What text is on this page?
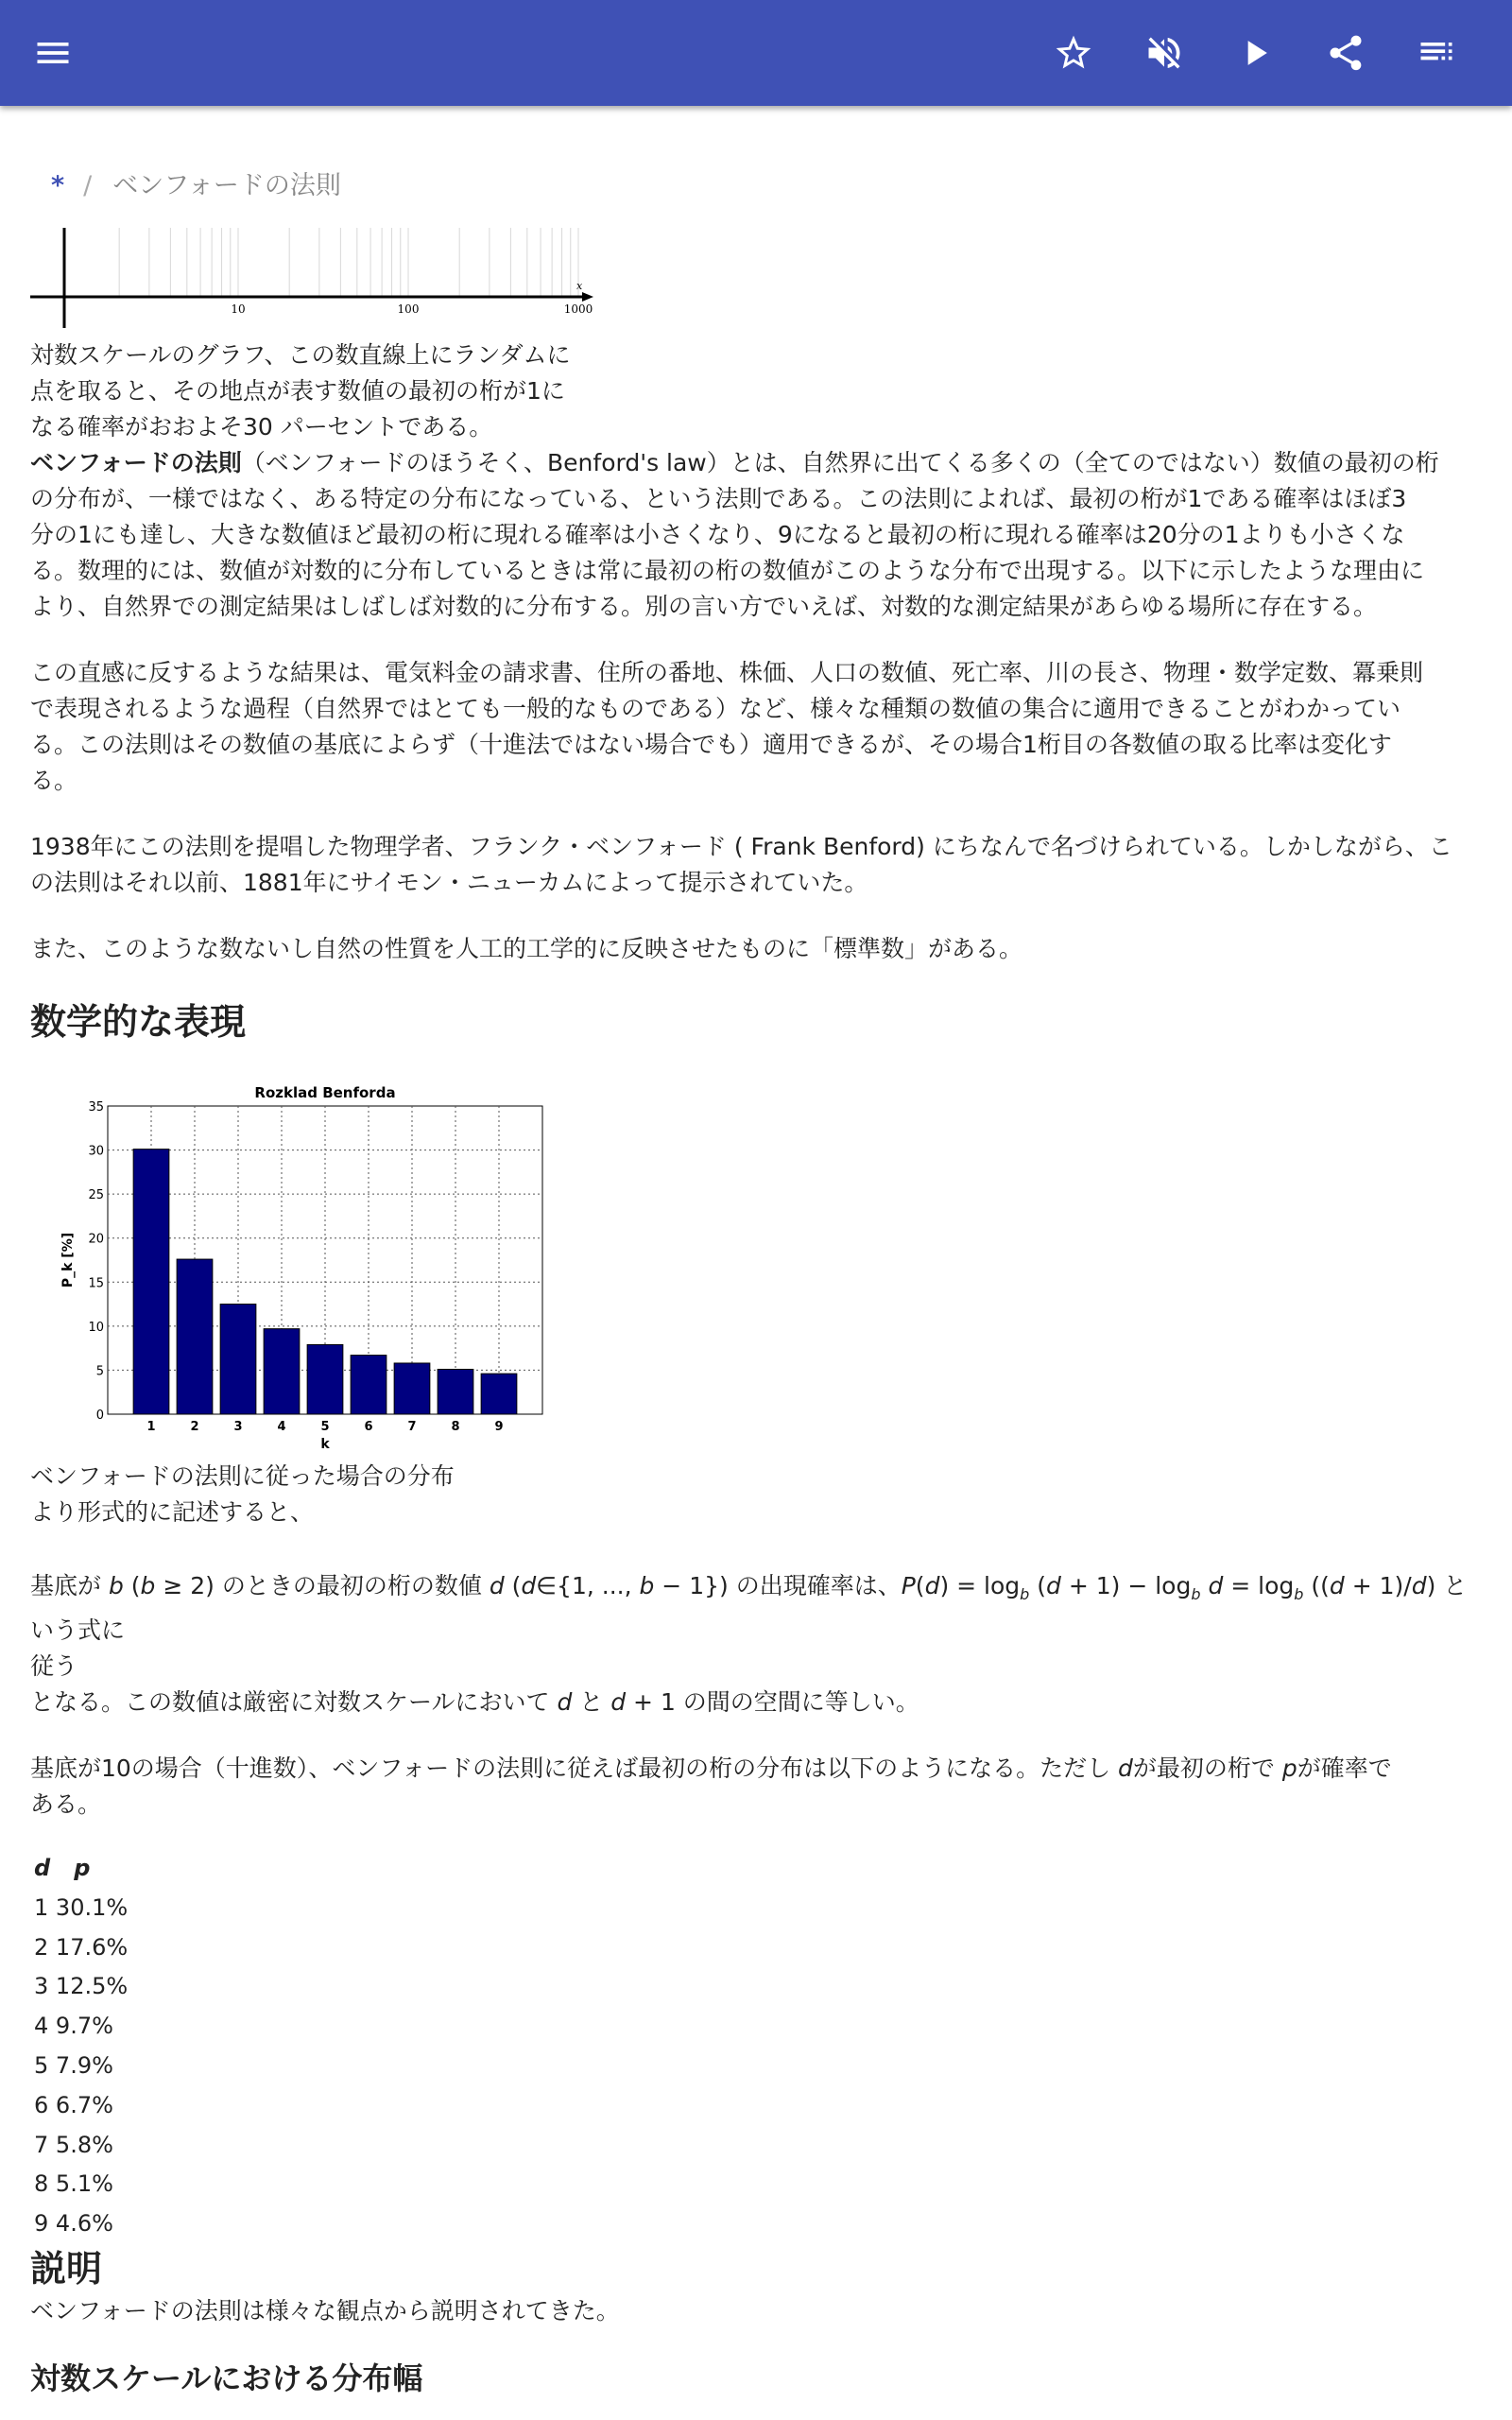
* / ベンフォードの法則
x
10	100	1000
対数スケールのグラフ、この数直線上にランダムに
点を取ると、その地点が表す数値の最初の桁が1に
なる確率がおおよそ30 パーセントである。
ベンフォードの法則（ベンフォードのほうそく、Benford's law）とは、自然界に出てくる多くの（全てのではない）数値の最初の桁
の分布が、一様ではなく、ある特定の分布になっている、という法則である。この法則によれば、最初の桁が1である確率はほぼ3
分の1にも達し、大きな数値ほど最初の桁に現れる確率は小さくなり、9になると最初の桁に現れる確率は20分の1よりも小さくな
る。数理的には、数値が対数的に分布しているときは常に最初の桁の数値がこのような分布で出現する。以下に示したような理由に
より、自然界での測定結果はしばしば対数的に分布する。別の言い方でいえば、対数的な測定結果があらゆる場所に存在する。
この直感に反するような結果は、電気料金の請求書、住所の番地、株価、人口の数値、死亡率、川の長さ、物理・数学定数、冪乗則
で表現されるような過程（自然界ではとても一般的なものである）など、様々な種類の数値の集合に適用できることがわかってい
る。この法則はその数値の基底によらず（十進法ではない場合でも）適用できるが、その場合1桁目の各数値の取る比率は変化す
る。
1938年にこの法則を提唱した物理学者、フランク・ベンフォード ( Frank Benford) にちなんで名づけられている。しかしながら、こ
の法則はそれ以前、1881年にサイモン・ニューカムによって提示されていた。
また、このような数ないし自然の性質を人工的工学的に反映させたものに「標準数」がある。
数学的な表現
Rozklad Benforda
P_k [%]
k
0
5
10
15
20
25
30
35
1	2	3	4	5	6	7	8	9
ベンフォードの法則に従った場合の分布
より形式的に記述すると、
基底が b (b ≥ 2) のときの最初の桁の数値 d (d∈{1, ..., b − 1}) の出現確率は、$P(d) = \log_b (d + 1) - \log_b d = \log_b ((d + 1)/d)$ という式に
従う
となる。この数値は厳密に対数スケールにおいて d と d + 1 の間の空間に等しい。
基底が10の場合（十進数）、ベンフォードの法則に従えば最初の桁の分布は以下のようになる。ただし dが最初の桁で pが確率で
ある。
d p
1 30.1%
2 17.6%
3 12.5%
4 9.7%
5 7.9%
6 6.7%
7 5.8%
8 5.1%
9 4.6%
説明
ベンフォードの法則は様々な観点から説明されてきた。
対数スケールにおける分布幅
